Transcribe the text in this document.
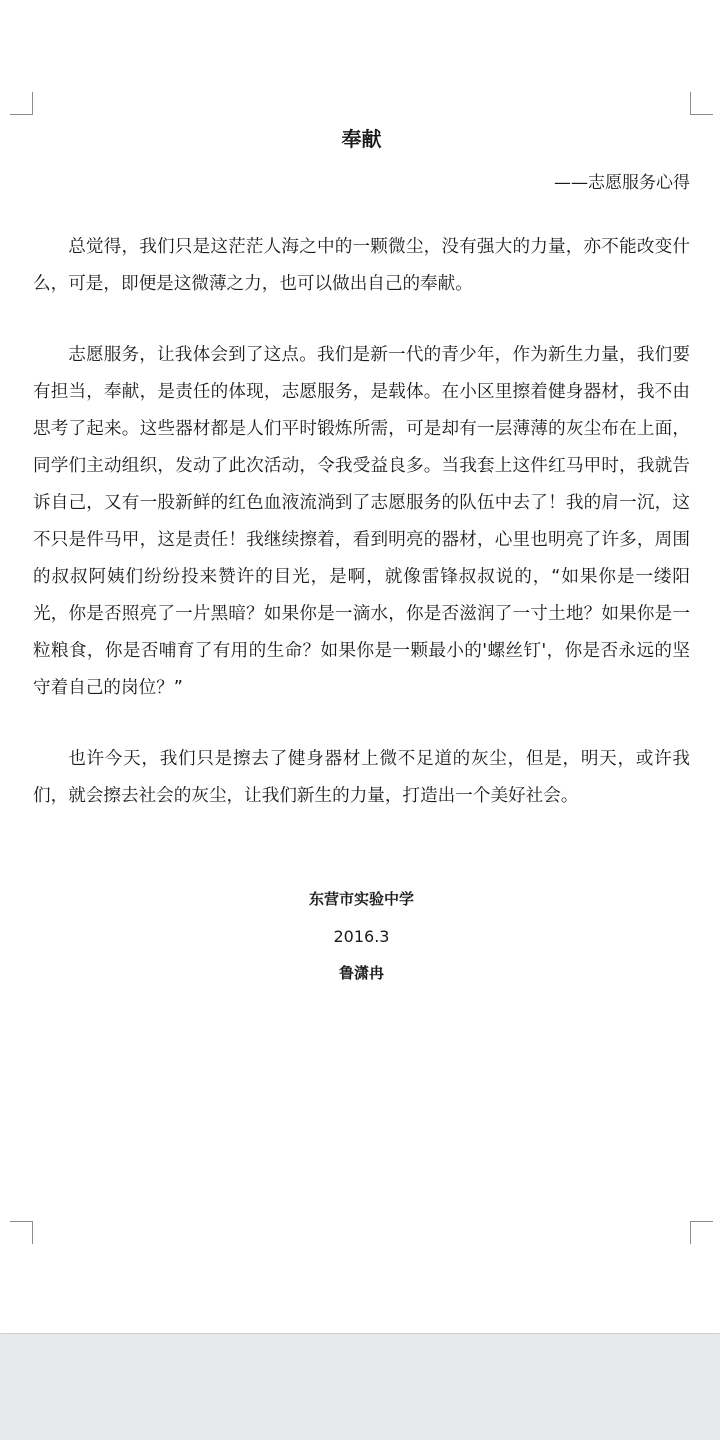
奉献
——志愿服务心得

总觉得，我们只是这茫茫人海之中的一颗微尘，没有强大的力量，亦不能改变什么，可是，即便是这微薄之力，也可以做出自己的奉献。

志愿服务，让我体会到了这点。我们是新一代的青少年，作为新生力量，我们要有担当，奉献，是责任的体现，志愿服务，是载体。在小区里擦着健身器材，我不由思考了起来。这些器材都是人们平时锻炼所需，可是却有一层薄薄的灰尘布在上面，同学们主动组织，发动了此次活动，令我受益良多。当我套上这件红马甲时，我就告诉自己，又有一股新鲜的红色血液流淌到了志愿服务的队伍中去了！我的肩一沉，这不只是件马甲，这是责任！我继续擦着，看到明亮的器材，心里也明亮了许多，周围的叔叔阿姨们纷纷投来赞许的目光，是啊，就像雷锋叔叔说的，“如果你是一缕阳光，你是否照亮了一片黑暗？如果你是一滴水，你是否滋润了一寸土地？如果你是一粒粮食，你是否哺育了有用的生命？如果你是一颗最小的'螺丝钉'，你是否永远的坚守着自己的岗位？”

也许今天，我们只是擦去了健身器材上微不足道的灰尘，但是，明天，或许我们，就会擦去社会的灰尘，让我们新生的力量，打造出一个美好社会。

东营市实验中学

2016.3

鲁潇冉
